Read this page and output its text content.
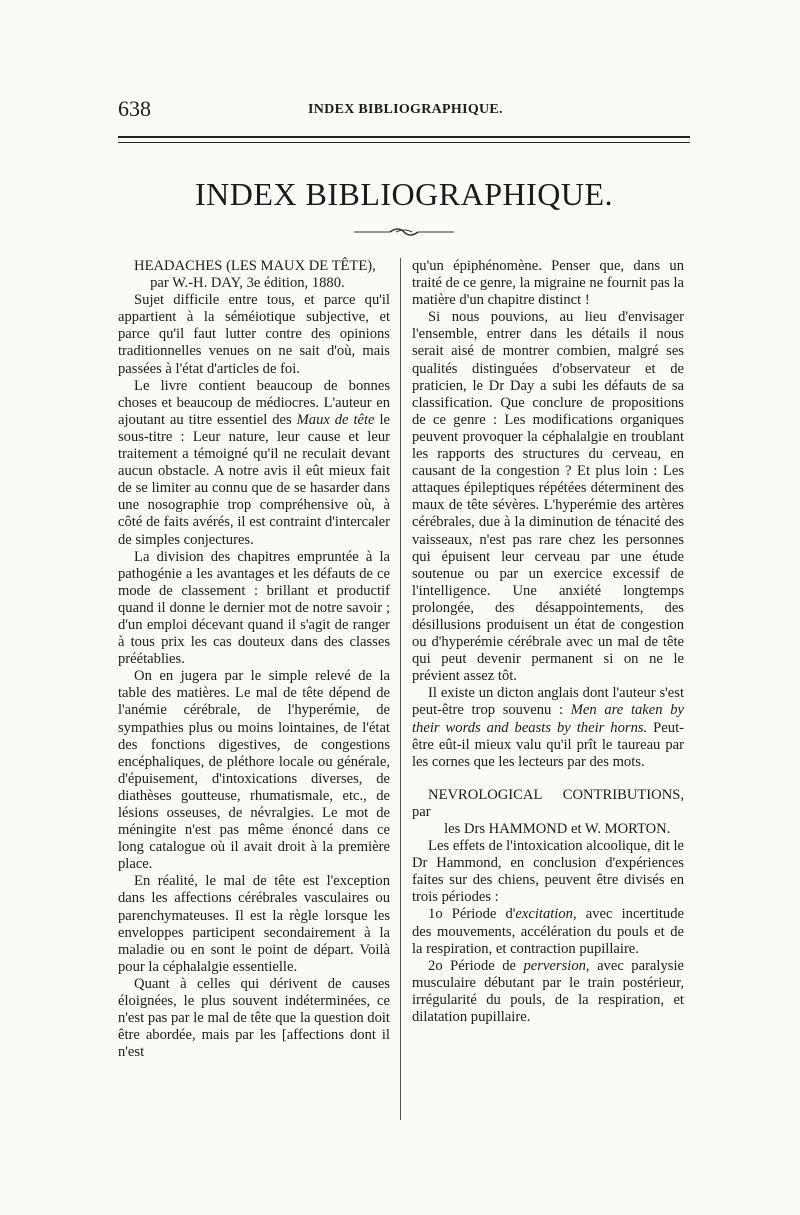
638	INDEX BIBLIOGRAPHIQUE.
INDEX BIBLIOGRAPHIQUE.

HEADACHES (LES MAUX DE TÊTE),

par W.-H. DAY, 3e édition, 1880.

Sujet difficile entre tous, et parce qu'il appartient à la séméiotique subjective, et parce qu'il faut lutter contre des opinions traditionnelles venues on ne sait d'où, mais passées à l'état d'articles de foi.

Le livre contient beaucoup de bonnes choses et beaucoup de médiocres. L'auteur en ajoutant au titre essentiel des Maux de tête le sous-titre : Leur nature, leur cause et leur traitement a témoigné qu'il ne reculait devant aucun obstacle. A notre avis il eût mieux fait de se limiter au connu que de se hasarder dans une nosographie trop compréhensive où, à côté de faits avérés, il est contraint d'intercaler de simples conjectures.

La division des chapitres empruntée à la pathogénie a les avantages et les défauts de ce mode de classement : brillant et productif quand il donne le dernier mot de notre savoir ; d'un emploi décevant quand il s'agit de ranger à tous prix les cas douteux dans des classes préétablies.

On en jugera par le simple relevé de la table des matières. Le mal de tête dépend de l'anémie cérébrale, de l'hyperémie, de sympathies plus ou moins lointaines, de l'état des fonctions digestives, de congestions encéphaliques, de pléthore locale ou générale, d'épuisement, d'intoxications diverses, de diathèses goutteuse, rhumatismale, etc., de lésions osseuses, de névralgies. Le mot de méningite n'est pas même énoncé dans ce long catalogue où il avait droit à la première place.

En réalité, le mal de tête est l'exception dans les affections cérébrales vasculaires ou parenchymateuses. Il est la règle lorsque les enveloppes participent secondairement à la maladie ou en sont le point de départ. Voilà pour la céphalalgie essentielle.

Quant à celles qui dérivent de causes éloignées, le plus souvent indéterminées, ce n'est pas par le mal de tête que la question doit être abordée, mais par les [affections dont il n'est

qu'un épiphénomène. Penser que, dans un traité de ce genre, la migraine ne fournit pas la matière d'un chapitre distinct !

Si nous pouvions, au lieu d'envisager l'ensemble, entrer dans les détails il nous serait aisé de montrer combien, malgré ses qualités distinguées d'observateur et de praticien, le Dr Day a subi les défauts de sa classification. Que conclure de propositions de ce genre : Les modifications organiques peuvent provoquer la céphalalgie en troublant les rapports des structures du cerveau, en causant de la congestion ? Et plus loin : Les attaques épileptiques répétées déterminent des maux de tête sévères. L'hyperémie des artères cérébrales, due à la diminution de ténacité des vaisseaux, n'est pas rare chez les personnes qui épuisent leur cerveau par une étude soutenue ou par un exercice excessif de l'intelligence. Une anxiété longtemps prolongée, des désappointements, des désillusions produisent un état de congestion ou d'hyperémie cérébrale avec un mal de tête qui peut devenir permanent si on ne le prévient assez tôt.

Il existe un dicton anglais dont l'auteur s'est peut-être trop souvenu : Men are taken by their words and beasts by their horns. Peut-être eût-il mieux valu qu'il prît le taureau par les cornes que les lecteurs par des mots.

NEVROLOGICAL CONTRIBUTIONS, par

les Drs HAMMOND et W. MORTON.

Les effets de l'intoxication alcoolique, dit le Dr Hammond, en conclusion d'expériences faites sur des chiens, peuvent être divisés en trois périodes :

1o Période d'excitation, avec incertitude des mouvements, accélération du pouls et de la respiration, et contraction pupillaire.

2o Période de perversion, avec paralysie musculaire débutant par le train postérieur, irrégularité du pouls, de la respiration, et dilatation pupillaire.
